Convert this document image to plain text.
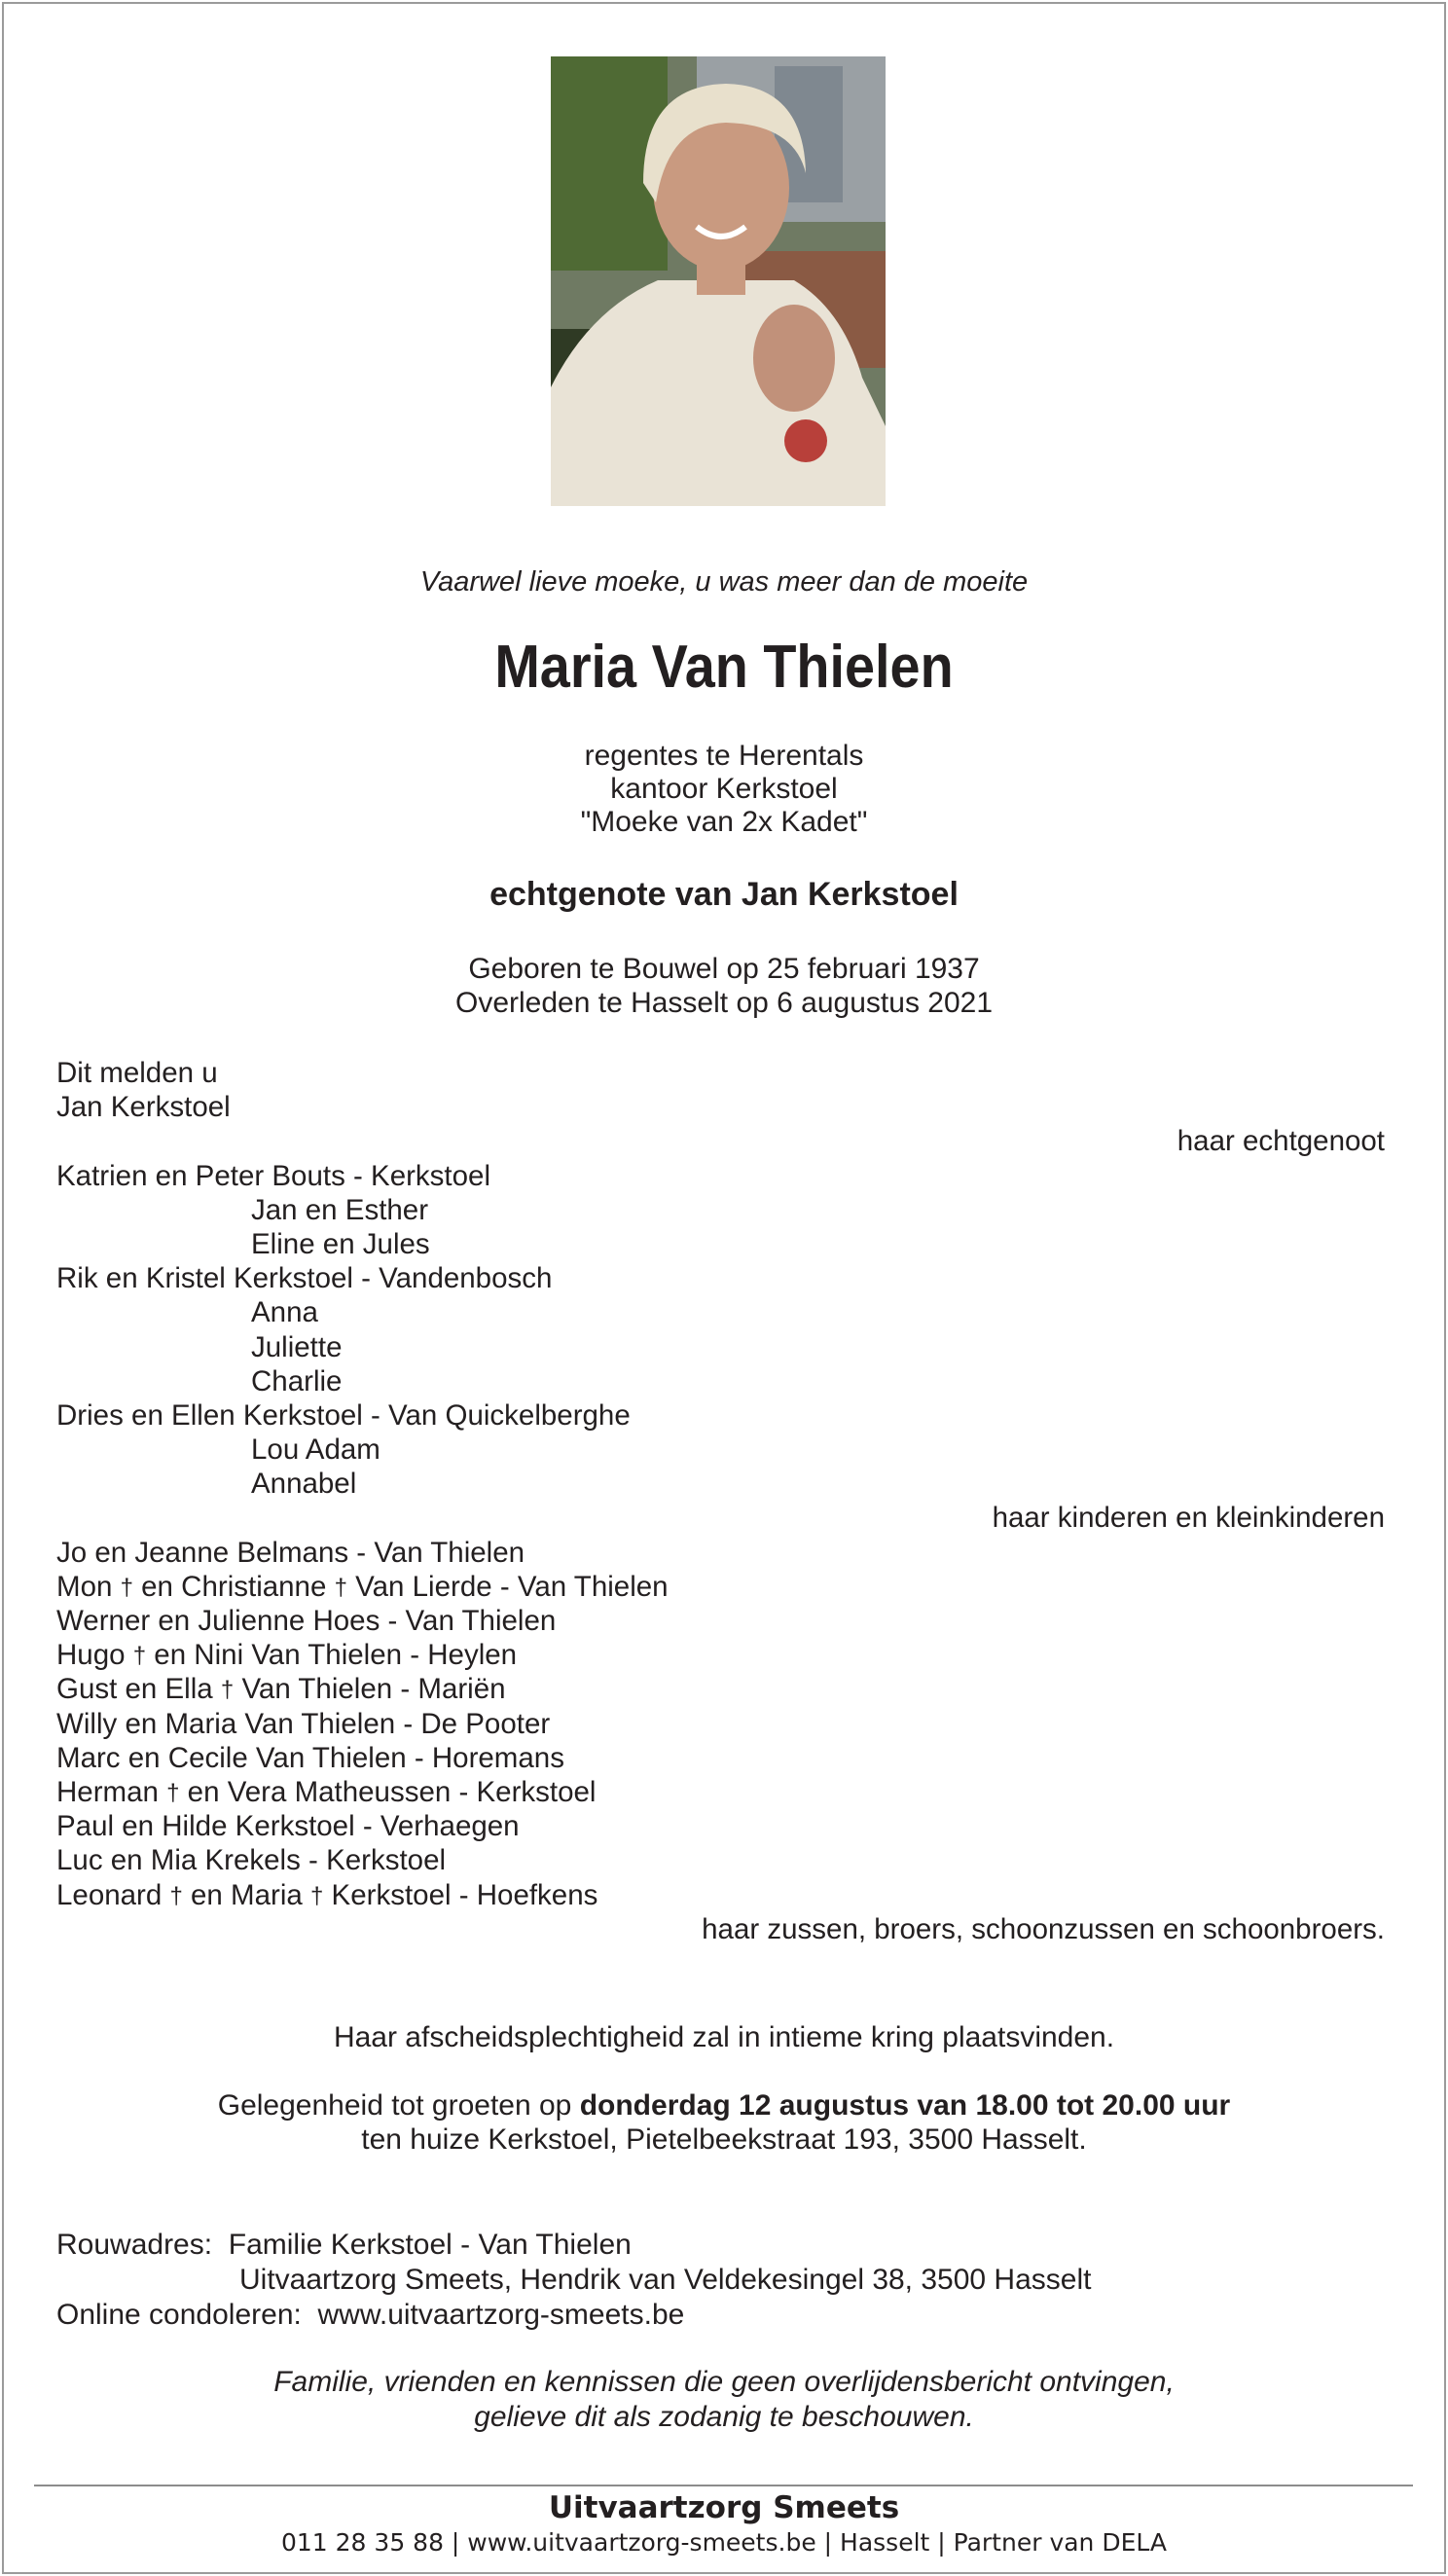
Vaarwel lieve moeke, u was meer dan de moeite
Maria Van Thielen
regentes te Herentals
kantoor Kerkstoel
"Moeke van 2x Kadet"
echtgenote van Jan Kerkstoel
Geboren te Bouwel op 25 februari 1937
Overleden te Hasselt op 6 augustus 2021
Dit melden u
Jan Kerkstoel
haar echtgenoot
Katrien en Peter Bouts - Kerkstoel
Jan en Esther
Eline en Jules
Rik en Kristel Kerkstoel - Vandenbosch
Anna
Juliette
Charlie
Dries en Ellen Kerkstoel - Van Quickelberghe
Lou Adam
Annabel
haar kinderen en kleinkinderen
Jo en Jeanne Belmans - Van Thielen
Mon † en Christianne † Van Lierde - Van Thielen
Werner en Julienne Hoes - Van Thielen
Hugo † en Nini Van Thielen - Heylen
Gust en Ella † Van Thielen - Mariën
Willy en Maria Van Thielen - De Pooter
Marc en Cecile Van Thielen - Horemans
Herman † en Vera Matheussen - Kerkstoel
Paul en Hilde Kerkstoel - Verhaegen
Luc en Mia Krekels - Kerkstoel
Leonard † en Maria † Kerkstoel - Hoefkens
haar zussen, broers, schoonzussen en schoonbroers.
Haar afscheidsplechtigheid zal in intieme kring plaatsvinden.
Gelegenheid tot groeten op donderdag 12 augustus van 18.00 tot 20.00 uur
ten huize Kerkstoel, Pietelbeekstraat 193, 3500 Hasselt.
Rouwadres: Familie Kerkstoel - Van Thielen
Uitvaartzorg Smeets, Hendrik van Veldekesingel 38, 3500 Hasselt
Online condoleren: www.uitvaartzorg-smeets.be
Familie, vrienden en kennissen die geen overlijdensbericht ontvingen,
gelieve dit als zodanig te beschouwen.
Uitvaartzorg Smeets
011 28 35 88 | www.uitvaartzorg-smeets.be | Hasselt | Partner van DELA
